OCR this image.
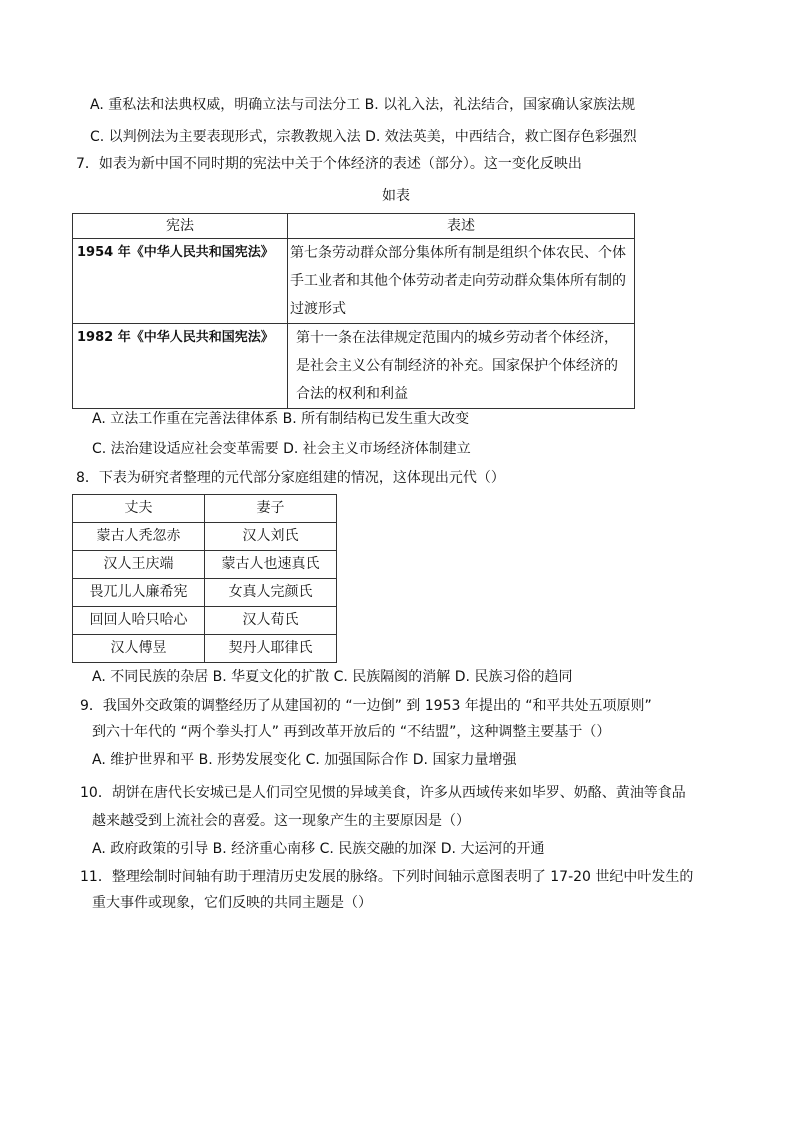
A. 重私法和法典权威，明确立法与司法分工 B. 以礼入法，礼法结合，国家确认家族法规
C. 以判例法为主要表现形式，宗教教规入法 D. 效法英美，中西结合，救亡图存色彩强烈
7．如表为新中国不同时期的宪法中关于个体经济的表述（部分）。这一变化反映出
如表
宪法	表述
1954 年《中华人民共和国宪法》	第七条劳动群众部分集体所有制是组织个体农民、个体
手工业者和其他个体劳动者走向劳动群众集体所有制的
过渡形式

1982 年《中华人民共和国宪法》	第十一条在法律规定范围内的城乡劳动者个体经济，
是社会主义公有制经济的补充。国家保护个体经济的
合法的权利和利益
A. 立法工作重在完善法律体系 B. 所有制结构已发生重大改变
C. 法治建设适应社会变革需要 D. 社会主义市场经济体制建立
8．下表为研究者整理的元代部分家庭组建的情况，这体现出元代（）
丈夫	妻子
蒙古人秃忽赤	汉人刘氏
汉人王庆端	蒙古人也速真氏
畏兀儿人廉希宪	女真人完颜氏
回回人哈只哈心	汉人荀氏
汉人傅昱	契丹人耶律氏
A. 不同民族的杂居 B. 华夏文化的扩散 C. 民族隔阂的消解 D. 民族习俗的趋同
9．我国外交政策的调整经历了从建国初的 “一边倒” 到 1953 年提出的 “和平共处五项原则”
到六十年代的 “两个拳头打人” 再到改革开放后的 “不结盟”，这种调整主要基于（）
A. 维护世界和平 B. 形势发展变化 C. 加强国际合作 D. 国家力量增强
10．胡饼在唐代长安城已是人们司空见惯的异域美食，许多从西域传来如毕罗、奶酪、黄油等食品
越来越受到上流社会的喜爱。这一现象产生的主要原因是（）
A. 政府政策的引导 B. 经济重心南移 C. 民族交融的加深 D. 大运河的开通
11．整理绘制时间轴有助于理清历史发展的脉络。下列时间轴示意图表明了 17-20 世纪中叶发生的
重大事件或现象，它们反映的共同主题是（）
